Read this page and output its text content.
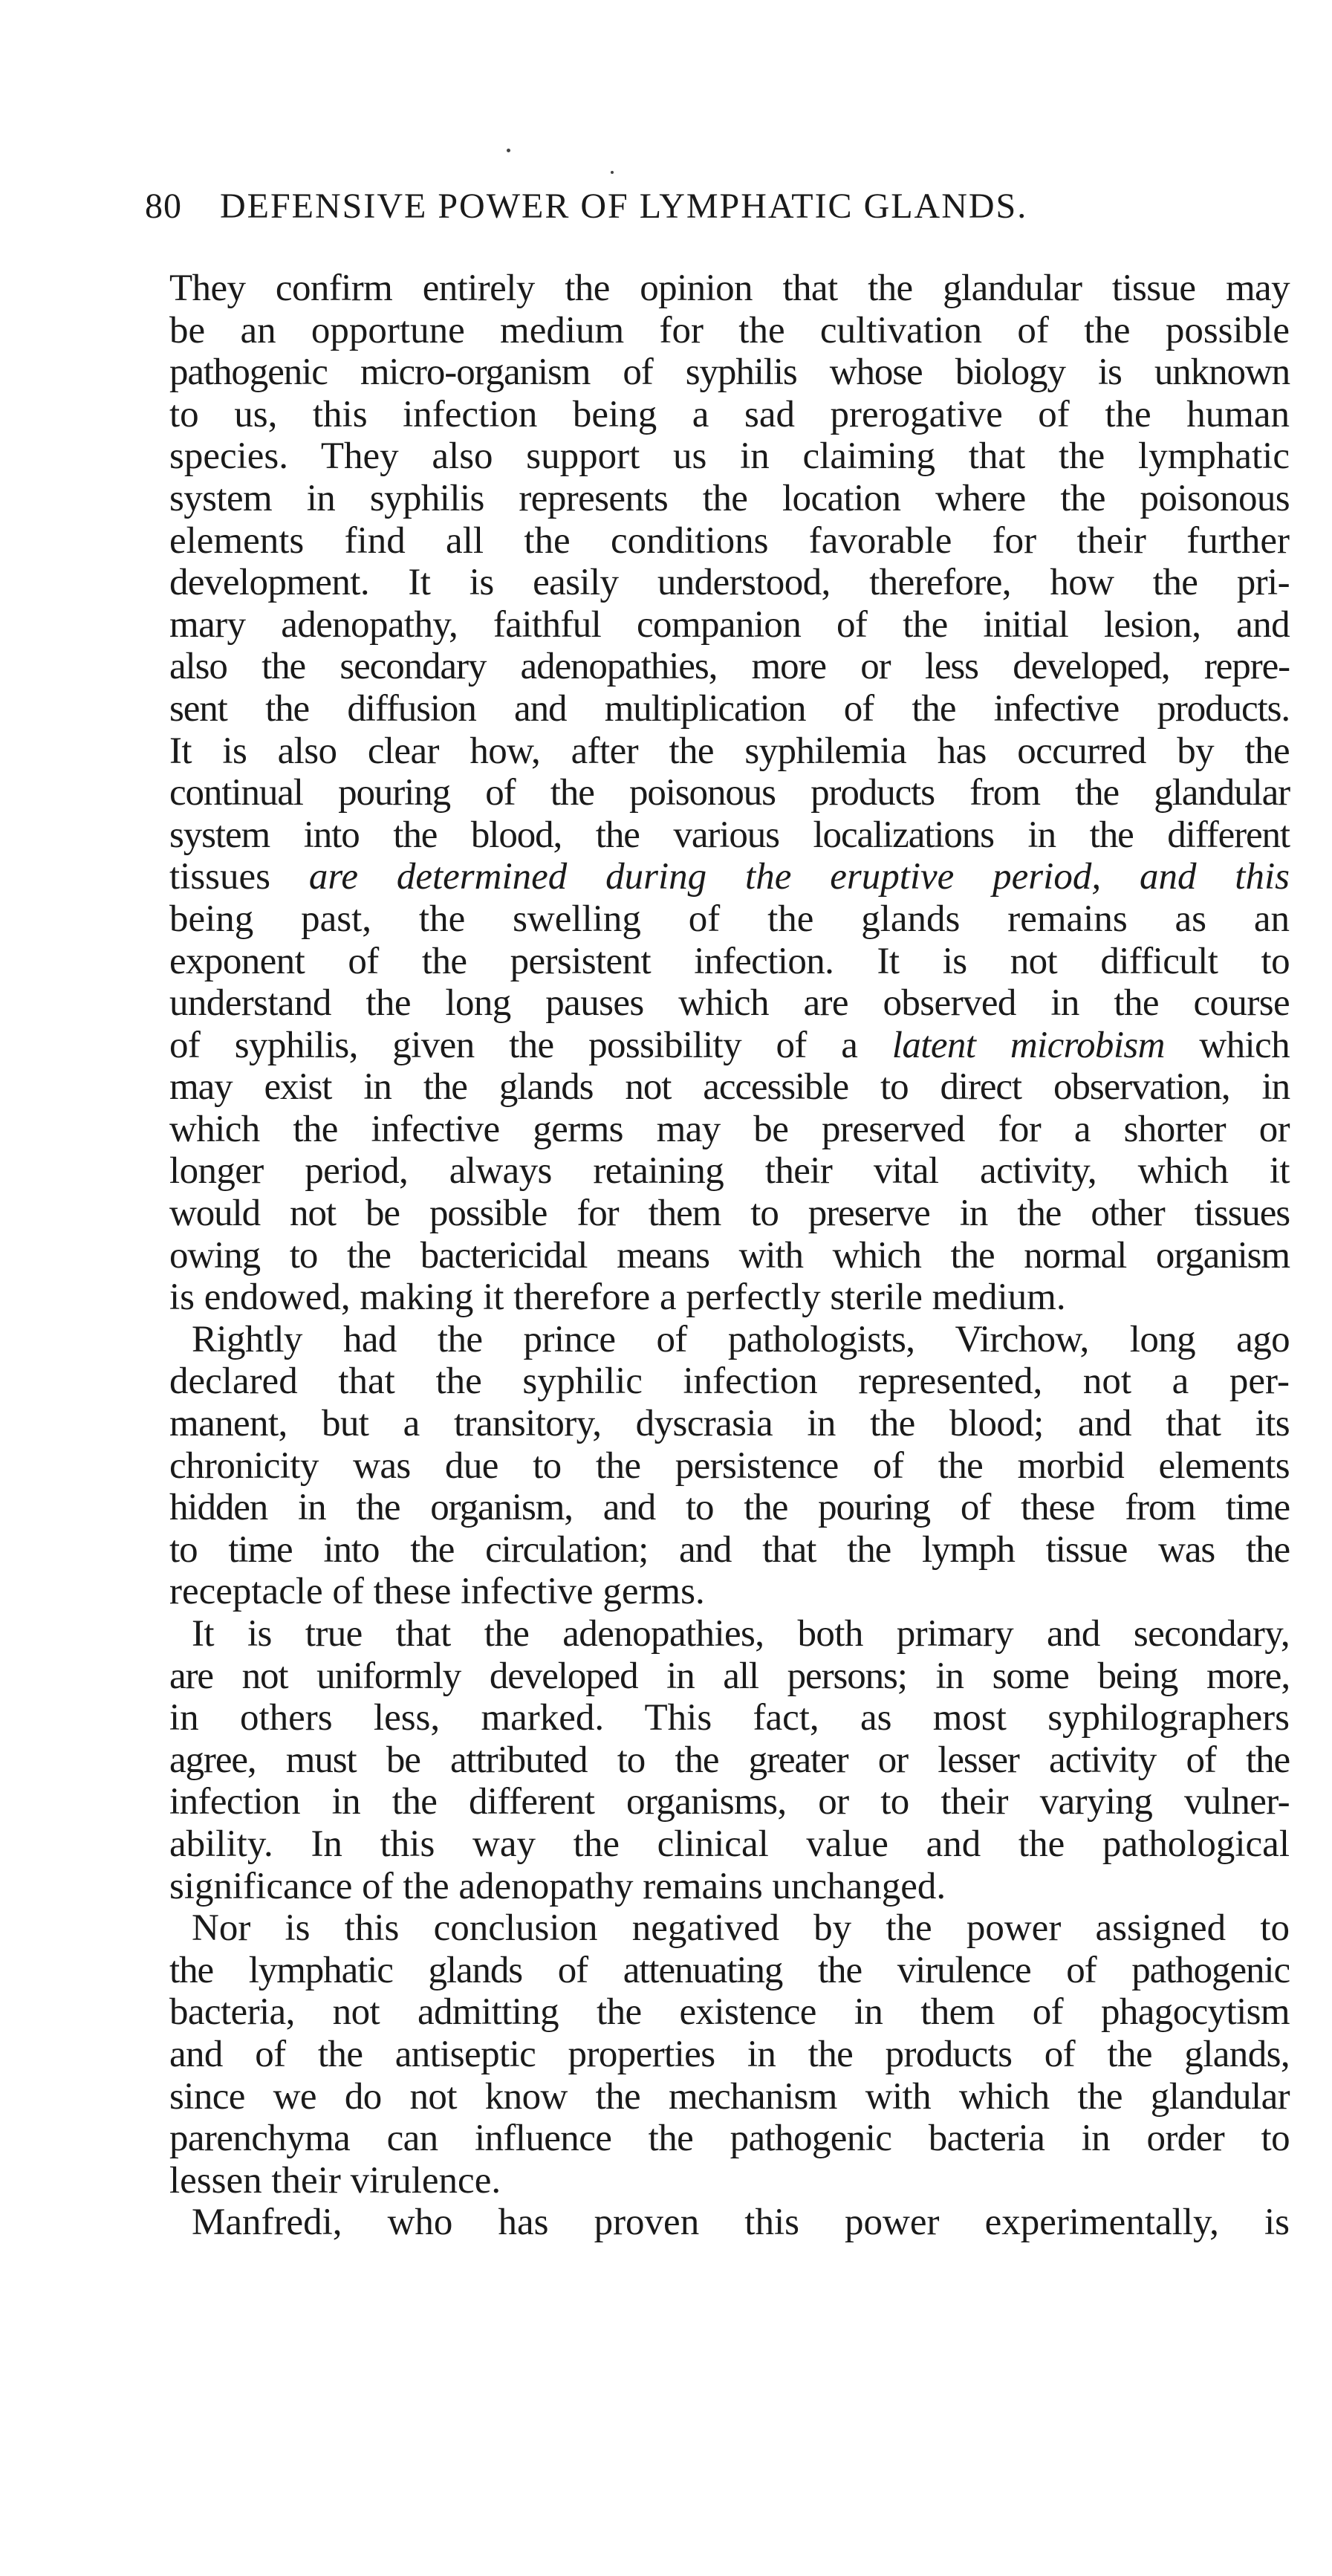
80 DEFENSIVE POWER OF LYMPHATIC GLANDS.
They confirm entirely the opinion that the glandular tissue may
be an opportune medium for the cultivation of the possible
pathogenic micro-organism of syphilis whose biology is unknown
to us, this infection being a sad prerogative of the human
species. They also support us in claiming that the lymphatic
system in syphilis represents the location where the poisonous
elements find all the conditions favorable for their further
development. It is easily understood, therefore, how the pri-
mary adenopathy, faithful companion of the initial lesion, and
also the secondary adenopathies, more or less developed, repre-
sent the diffusion and multiplication of the infective products.
It is also clear how, after the syphilemia has occurred by the
continual pouring of the poisonous products from the glandular
system into the blood, the various localizations in the different
tissues are determined during the eruptive period, and this
being past, the swelling of the glands remains as an
exponent of the persistent infection. It is not difficult to
understand the long pauses which are observed in the course
of syphilis, given the possibility of a latent microbism which
may exist in the glands not accessible to direct observation, in
which the infective germs may be preserved for a shorter or
longer period, always retaining their vital activity, which it
would not be possible for them to preserve in the other tissues
owing to the bactericidal means with which the normal organism
is endowed, making it therefore a perfectly sterile medium.
Rightly had the prince of pathologists, Virchow, long ago
declared that the syphilic infection represented, not a per-
manent, but a transitory, dyscrasia in the blood; and that its
chronicity was due to the persistence of the morbid elements
hidden in the organism, and to the pouring of these from time
to time into the circulation; and that the lymph tissue was the
receptacle of these infective germs.
It is true that the adenopathies, both primary and secondary,
are not uniformly developed in all persons; in some being more,
in others less, marked. This fact, as most syphilographers
agree, must be attributed to the greater or lesser activity of the
infection in the different organisms, or to their varying vulner-
ability. In this way the clinical value and the pathological
significance of the adenopathy remains unchanged.
Nor is this conclusion negatived by the power assigned to
the lymphatic glands of attenuating the virulence of pathogenic
bacteria, not admitting the existence in them of phagocytism
and of the antiseptic properties in the products of the glands,
since we do not know the mechanism with which the glandular
parenchyma can influence the pathogenic bacteria in order to
lessen their virulence.
Manfredi, who has proven this power experimentally, is
